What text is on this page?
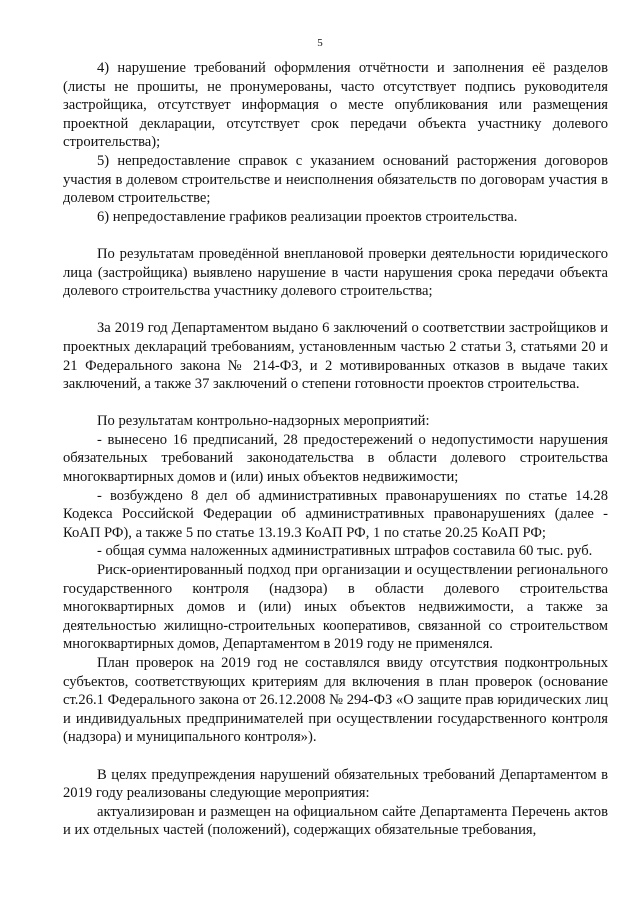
5

4) нарушение требований оформления отчётности и заполнения её разделов (листы не прошиты, не пронумерованы, часто отсутствует подпись руководителя застройщика, отсутствует информация о месте опубликования или размещения проектной декларации, отсутствует срок передачи объекта участнику долевого строительства);

5) непредоставление справок с указанием оснований расторжения договоров участия в долевом строительстве и неисполнения обязательств по договорам участия в долевом строительстве;

6) непредоставление графиков реализации проектов строительства.

По результатам проведённой внеплановой проверки деятельности юридического лица (застройщика) выявлено нарушение в части нарушения срока передачи объекта долевого строительства участнику долевого строительства;

За 2019 год Департаментом выдано 6 заключений о соответствии застройщиков и проектных деклараций требованиям, установленным частью 2 статьи 3, статьями 20 и 21 Федерального закона № 214-ФЗ, и 2 мотивированных отказов в выдаче таких заключений, а также 37 заключений о степени готовности проектов строительства.

По результатам контрольно-надзорных мероприятий:

- вынесено 16 предписаний, 28 предостережений о недопустимости нарушения обязательных требований законодательства в области долевого строительства многоквартирных домов и (или) иных объектов недвижимости;

- возбуждено 8 дел об административных правонарушениях по статье 14.28 Кодекса Российской Федерации об административных правонарушениях (далее - КоАП РФ), а также 5 по статье 13.19.3 КоАП РФ, 1 по статье 20.25 КоАП РФ;

- общая сумма наложенных административных штрафов составила 60 тыс. руб.

Риск-ориентированный подход при организации и осуществлении регионального государственного контроля (надзора) в области долевого строительства многоквартирных домов и (или) иных объектов недвижимости, а также за деятельностью жилищно-строительных кооперативов, связанной со строительством многоквартирных домов, Департаментом в 2019 году не применялся.

План проверок на 2019 год не составлялся ввиду отсутствия подконтрольных субъектов, соответствующих критериям для включения в план проверок (основание ст.26.1 Федерального закона от 26.12.2008 № 294-ФЗ «О защите прав юридических лиц и индивидуальных предпринимателей при осуществлении государственного контроля (надзора) и муниципального контроля»).

В целях предупреждения нарушений обязательных требований Департаментом в 2019 году реализованы следующие мероприятия:

актуализирован и размещен на официальном сайте Департамента Перечень актов и их отдельных частей (положений), содержащих обязательные требования,
